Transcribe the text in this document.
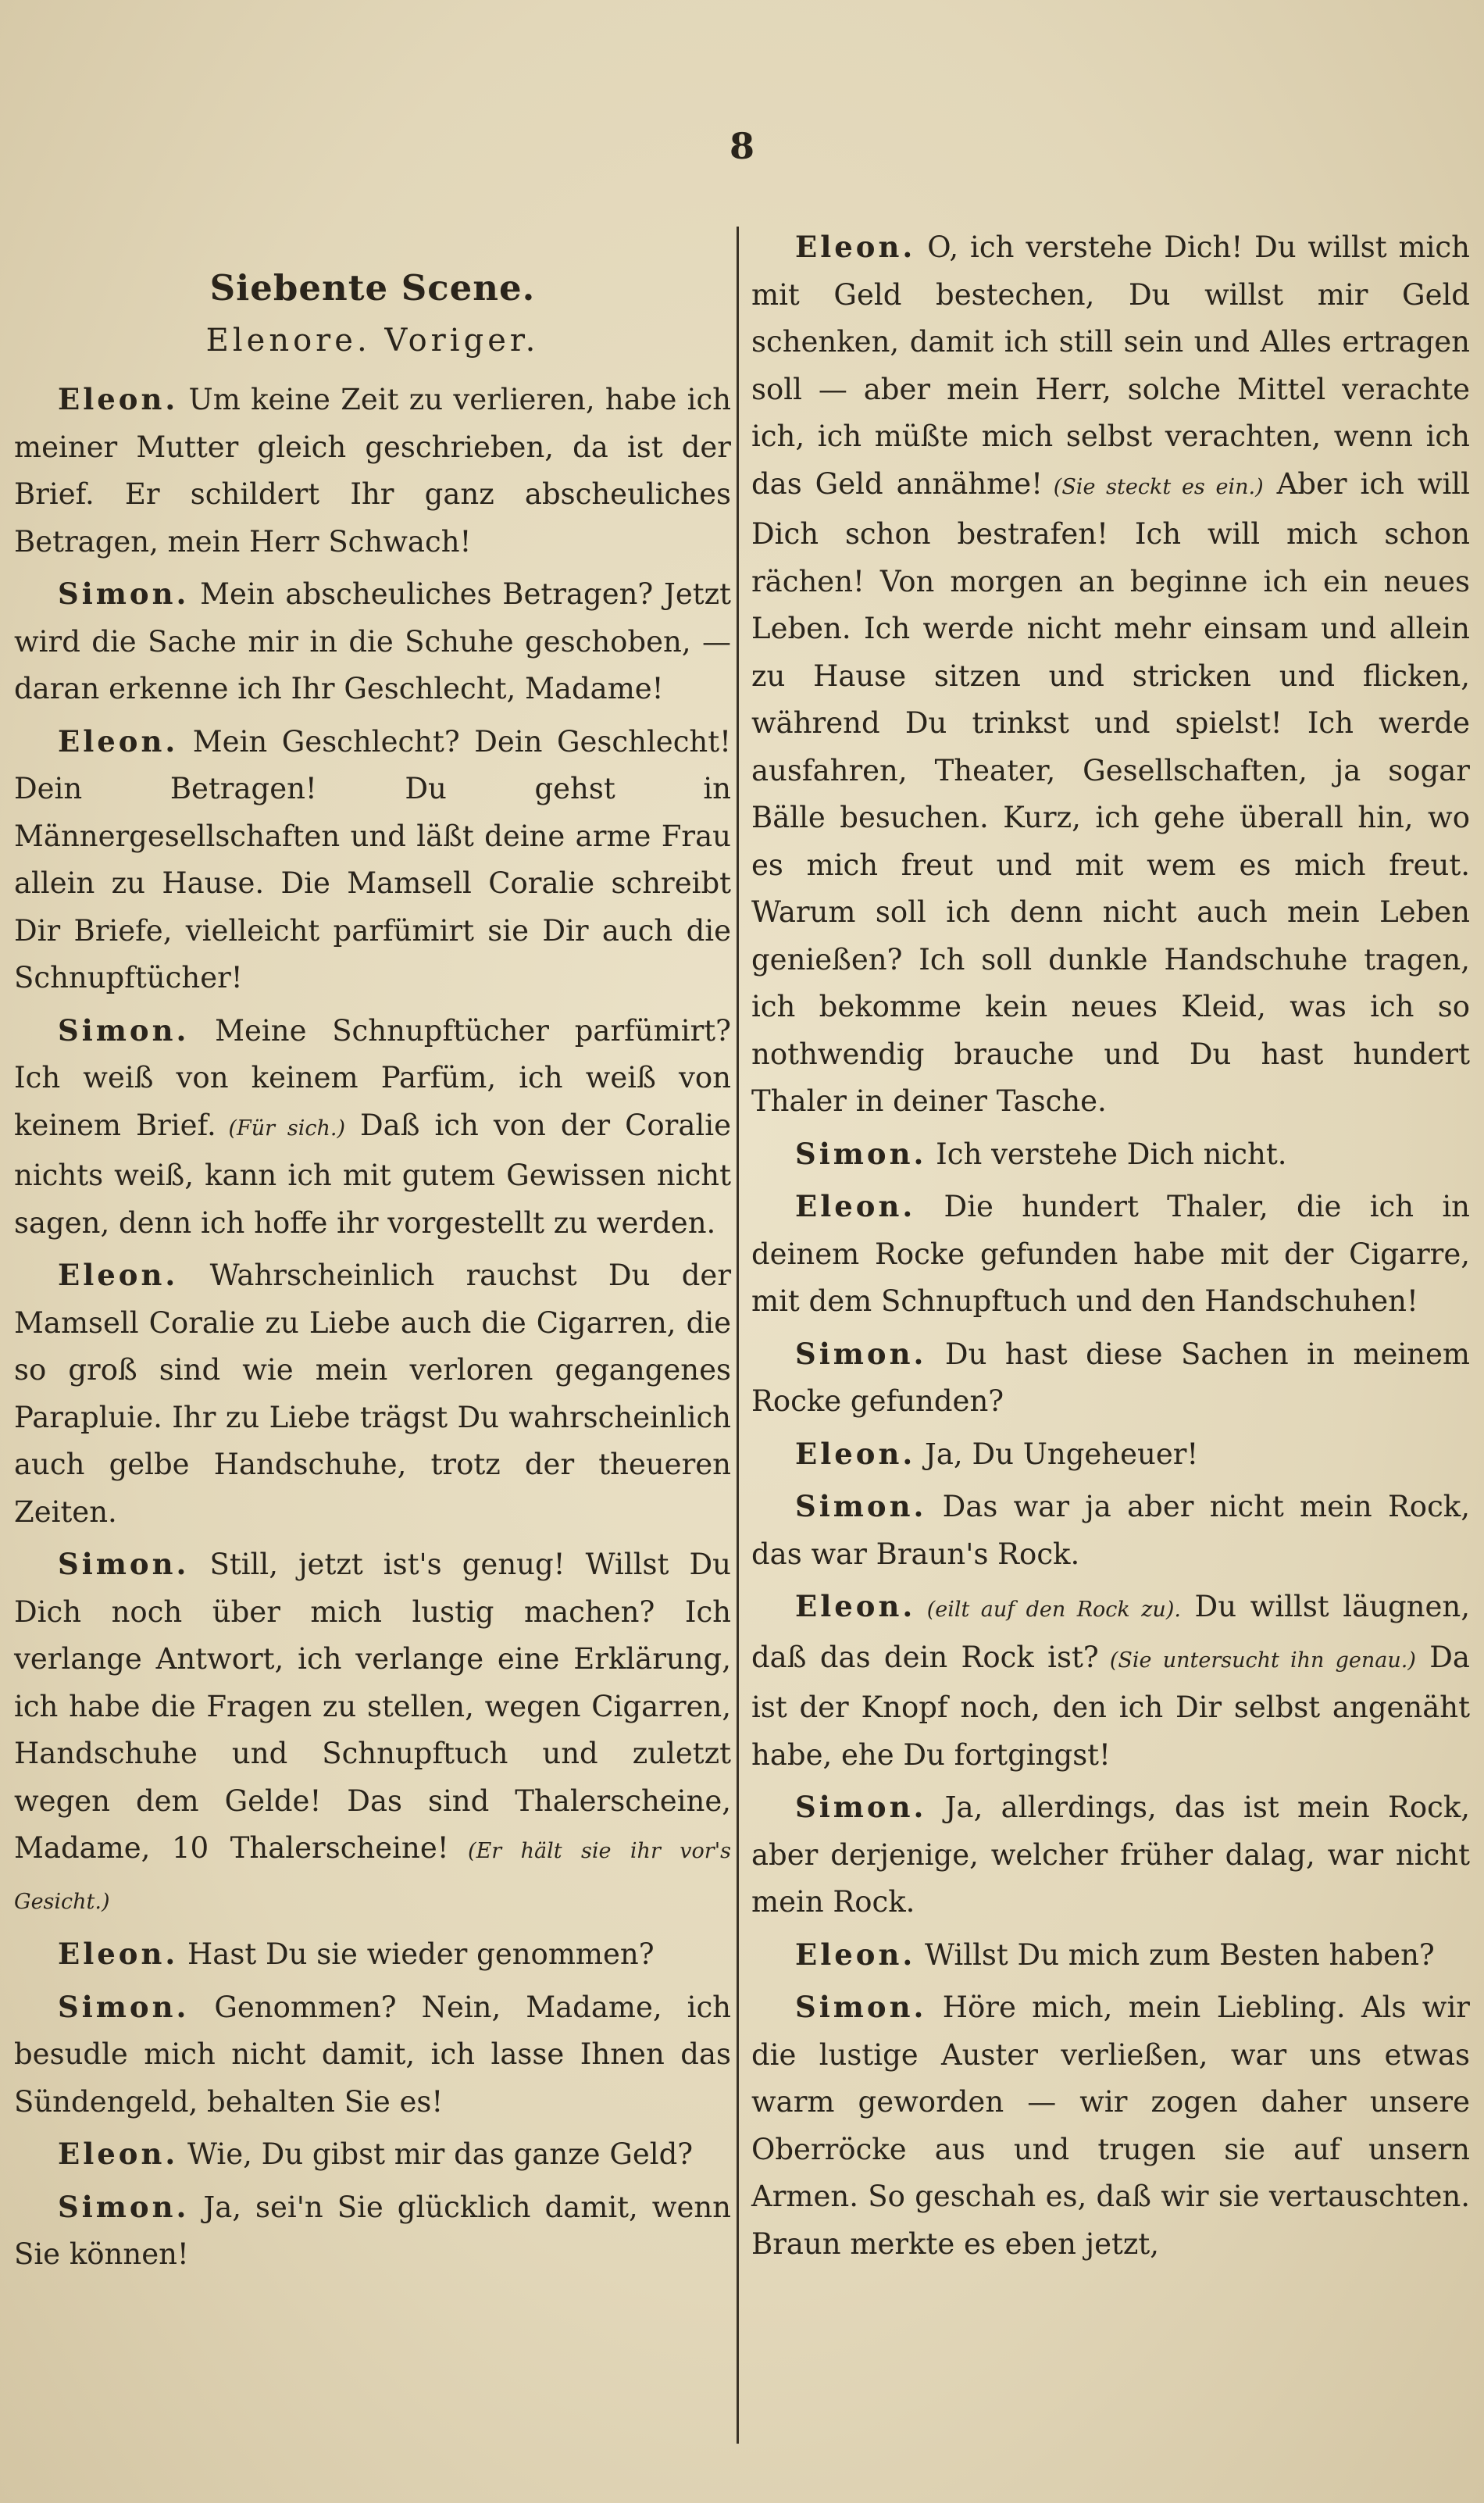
8
Siebente Scene.
Elenore. Voriger.

Eleon. Um keine Zeit zu verlieren, habe ich meiner Mutter gleich geschrieben, da ist der Brief. Er schildert Ihr ganz abscheuliches Betragen, mein Herr Schwach!

Simon. Mein abscheuliches Betragen? Jetzt wird die Sache mir in die Schuhe geschoben, — daran erkenne ich Ihr Geschlecht, Madame!

Eleon. Mein Geschlecht? Dein Geschlecht! Dein Betragen! Du gehst in Männergesellschaften und läßt deine arme Frau allein zu Hause. Die Mamsell Coralie schreibt Dir Briefe, vielleicht parfümirt sie Dir auch die Schnupftücher!

Simon. Meine Schnupftücher parfümirt? Ich weiß von keinem Parfüm, ich weiß von keinem Brief. (Für sich.) Daß ich von der Coralie nichts weiß, kann ich mit gutem Gewissen nicht sagen, denn ich hoffe ihr vorgestellt zu werden.

Eleon. Wahrscheinlich rauchst Du der Mamsell Coralie zu Liebe auch die Cigarren, die so groß sind wie mein verloren gegangenes Parapluie. Ihr zu Liebe trägst Du wahrscheinlich auch gelbe Handschuhe, trotz der theueren Zeiten.

Simon. Still, jetzt ist's genug! Willst Du Dich noch über mich lustig machen? Ich verlange Antwort, ich verlange eine Erklärung, ich habe die Fragen zu stellen, wegen Cigarren, Handschuhe und Schnupftuch und zuletzt wegen dem Gelde! Das sind Thalerscheine, Madame, 10 Thalerscheine! (Er hält sie ihr vor's Gesicht.)

Eleon. Hast Du sie wieder genommen?

Simon. Genommen? Nein, Madame, ich besudle mich nicht damit, ich lasse Ihnen das Sündengeld, behalten Sie es!

Eleon. Wie, Du gibst mir das ganze Geld?

Simon. Ja, sei'n Sie glücklich damit, wenn Sie können!

Eleon. O, ich verstehe Dich! Du willst mich mit Geld bestechen, Du willst mir Geld schenken, damit ich still sein und Alles ertragen soll — aber mein Herr, solche Mittel verachte ich, ich müßte mich selbst verachten, wenn ich das Geld annähme! (Sie steckt es ein.) Aber ich will Dich schon bestrafen! Ich will mich schon rächen! Von morgen an beginne ich ein neues Leben. Ich werde nicht mehr einsam und allein zu Hause sitzen und stricken und flicken, während Du trinkst und spielst! Ich werde ausfahren, Theater, Gesellschaften, ja sogar Bälle besuchen. Kurz, ich gehe überall hin, wo es mich freut und mit wem es mich freut. Warum soll ich denn nicht auch mein Leben genießen? Ich soll dunkle Handschuhe tragen, ich bekomme kein neues Kleid, was ich so nothwendig brauche und Du hast hundert Thaler in deiner Tasche.

Simon. Ich verstehe Dich nicht.

Eleon. Die hundert Thaler, die ich in deinem Rocke gefunden habe mit der Cigarre, mit dem Schnupftuch und den Handschuhen!

Simon. Du hast diese Sachen in meinem Rocke gefunden?

Eleon. Ja, Du Ungeheuer!

Simon. Das war ja aber nicht mein Rock, das war Braun's Rock.

Eleon. (eilt auf den Rock zu). Du willst läugnen, daß das dein Rock ist? (Sie untersucht ihn genau.) Da ist der Knopf noch, den ich Dir selbst angenäht habe, ehe Du fortgingst!

Simon. Ja, allerdings, das ist mein Rock, aber derjenige, welcher früher dalag, war nicht mein Rock.

Eleon. Willst Du mich zum Besten haben?

Simon. Höre mich, mein Liebling. Als wir die lustige Auster verließen, war uns etwas warm geworden — wir zogen daher unsere Oberröcke aus und trugen sie auf unsern Armen. So geschah es, daß wir sie vertauschten. Braun merkte es eben jetzt,
